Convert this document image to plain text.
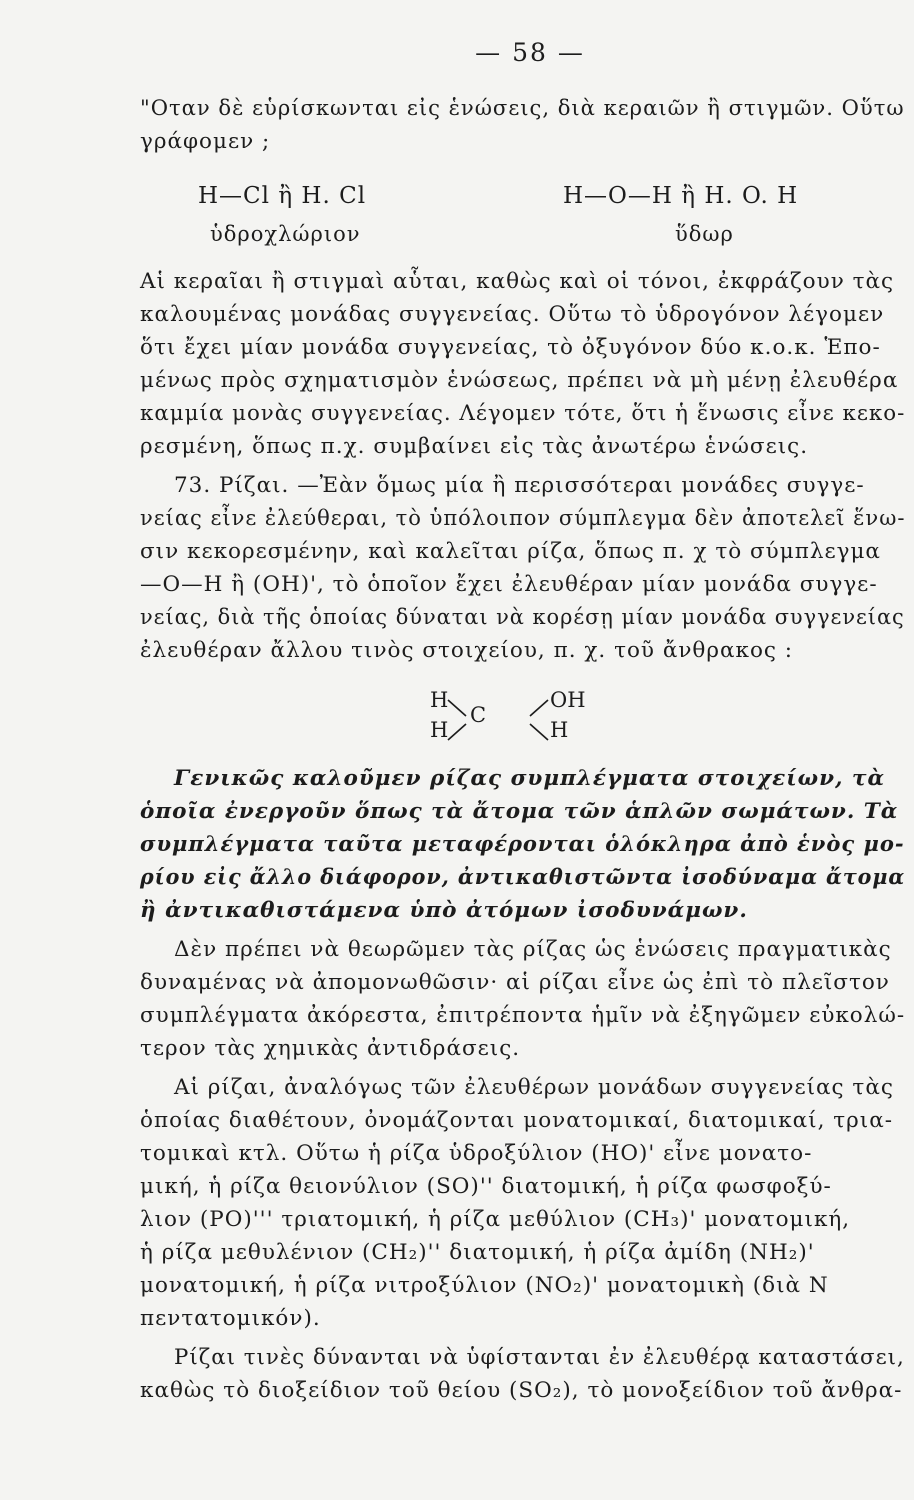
— 58 —
"Οταν δὲ εὑρίσκωνται εἰς ἑνώσεις, διὰ κεραιῶν ἢ στιγμῶν. Οὕτω
γράφομεν ;
H—Cl ἢ H. Cl	H—O—H ἢ H. O. H
ὑδροχλώριον	ὕδωρ
Αἱ κεραῖαι ἢ στιγμαὶ αὗται, καθὼς καὶ οἱ τόνοι, ἐκφράζουν τὰς
καλουμένας μονάδας συγγενείας. Οὕτω τὸ ὑδρογόνον λέγομεν
ὅτι ἔχει μίαν μονάδα συγγενείας, τὸ ὀξυγόνον δύο κ.ο.κ. Ἑπο-
μένως πρὸς σχηματισμὸν ἑνώσεως, πρέπει νὰ μὴ μένῃ ἐλευθέρα
καμμία μονὰς συγγενείας. Λέγομεν τότε, ὅτι ἡ ἕνωσις εἶνε κεκο-
ρεσμένη, ὅπως π.χ. συμβαίνει εἰς τὰς ἀνωτέρω ἑνώσεις.
73. Ρίζαι. —Ἐὰν ὅμως μία ἢ περισσότεραι μονάδες συγγε-
νείας εἶνε ἐλεύθεραι, τὸ ὑπόλοιπον σύμπλεγμα δὲν ἀποτελεῖ ἕνω-
σιν κεκορεσμένην, καὶ καλεῖται ρίζα, ὅπως π. χ τὸ σύμπλεγμα
—O—H ἢ (OH)', τὸ ὁποῖον ἔχει ἐλευθέραν μίαν μονάδα συγγε-
νείας, διὰ τῆς ὁποίας δύναται νὰ κορέσῃ μίαν μονάδα συγγενείας
ἐλευθέραν ἄλλου τινὸς στοιχείου, π. χ. τοῦ ἄνθρακος :
H
H
C
OH
H
Γενικῶς καλοῦμεν ρίζας συμπλέγματα στοιχείων, τὰ
ὁποῖα ἐνεργοῦν ὅπως τὰ ἄτομα τῶν ἁπλῶν σωμάτων. Τὰ
συμπλέγματα ταῦτα μεταφέρονται ὁλόκληρα ἀπὸ ἑνὸς μο-
ρίου εἰς ἄλλο διάφορον, ἀντικαθιστῶντα ἰσοδύναμα ἄτομα
ἢ ἀντικαθιστάμενα ὑπὸ ἀτόμων ἰσοδυνάμων.
Δὲν πρέπει νὰ θεωρῶμεν τὰς ρίζας ὡς ἑνώσεις πραγματικὰς
δυναμένας νὰ ἀπομονωθῶσιν· αἱ ρίζαι εἶνε ὡς ἐπὶ τὸ πλεῖστον
συμπλέγματα ἀκόρεστα, ἐπιτρέποντα ἡμῖν νὰ ἐξηγῶμεν εὐκολώ-
τερον τὰς χημικὰς ἀντιδράσεις.
Αἱ ρίζαι, ἀναλόγως τῶν ἐλευθέρων μονάδων συγγενείας τὰς
ὁποίας διαθέτουν, ὀνομάζονται μονατομικαί, διατομικαί, τρια-
τομικαὶ κτλ. Οὕτω ἡ ρίζα ὑδροξύλιον (HO)' εἶνε μονατο-
μική, ἡ ρίζα θειονύλιον (SO)'' διατομική, ἡ ρίζα φωσφοξύ-
λιον (PO)''' τριατομική, ἡ ρίζα μεθύλιον (CH₃)' μονατομική,
ἡ ρίζα μεθυλένιον (CH₂)'' διατομική, ἡ ρίζα ἀμίδη (NH₂)'
μονατομική, ἡ ρίζα νιτροξύλιον (NO₂)' μονατομικὴ (διὰ N
πεντατομικόν).
Ρίζαι τινὲς δύνανται νὰ ὑφίστανται ἐν ἐλευθέρᾳ καταστάσει,
καθὼς τὸ διοξείδιον τοῦ θείου (SO₂), τὸ μονοξείδιον τοῦ ἄνθρα-
